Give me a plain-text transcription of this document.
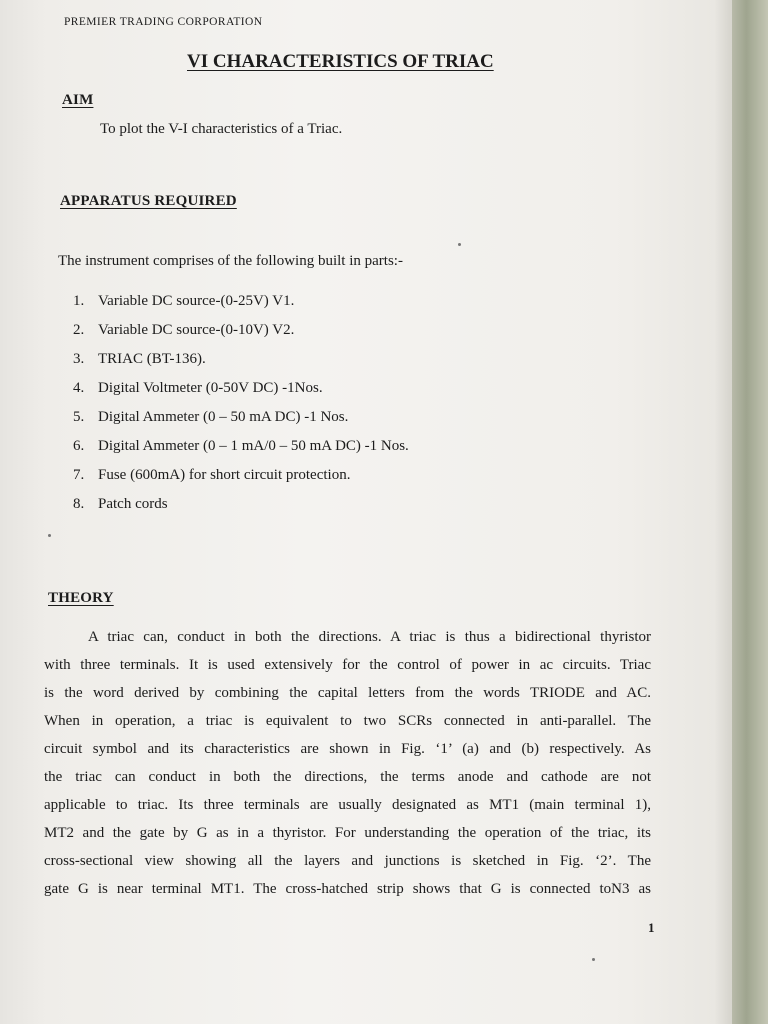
PREMIER TRADING CORPORATION
VI CHARACTERISTICS OF TRIAC
AIM
To plot the V-I characteristics of a Triac.
APPARATUS REQUIRED
The instrument comprises of the following built in parts:-
1. Variable DC source-(0-25V) V1.
2. Variable DC source-(0-10V) V2.
3. TRIAC (BT-136).
4. Digital Voltmeter (0-50V DC) -1Nos.
5. Digital Ammeter (0 – 50 mA DC) -1 Nos.
6. Digital Ammeter (0 – 1 mA/0 – 50 mA DC) -1 Nos.
7. Fuse (600mA) for short circuit protection.
8. Patch cords
THEORY
A triac can, conduct in both the directions. A triac is thus a bidirectional thyristor
with three terminals. It is used extensively for the control of power in ac circuits. Triac
is the word derived by combining the capital letters from the words TRIODE and AC.
When in operation, a triac is equivalent to two SCRs connected in anti-parallel. The
circuit symbol and its characteristics are shown in Fig. ‘1’ (a) and (b) respectively. As
the triac can conduct in both the directions, the terms anode and cathode are not
applicable to triac. Its three terminals are usually designated as MT1 (main terminal 1),
MT2 and the gate by G as in a thyristor. For understanding the operation of the triac, its
cross-sectional view showing all the layers and junctions is sketched in Fig. ‘2’. The
gate G is near terminal MT1. The cross-hatched strip shows that G is connected toN3 as
1
